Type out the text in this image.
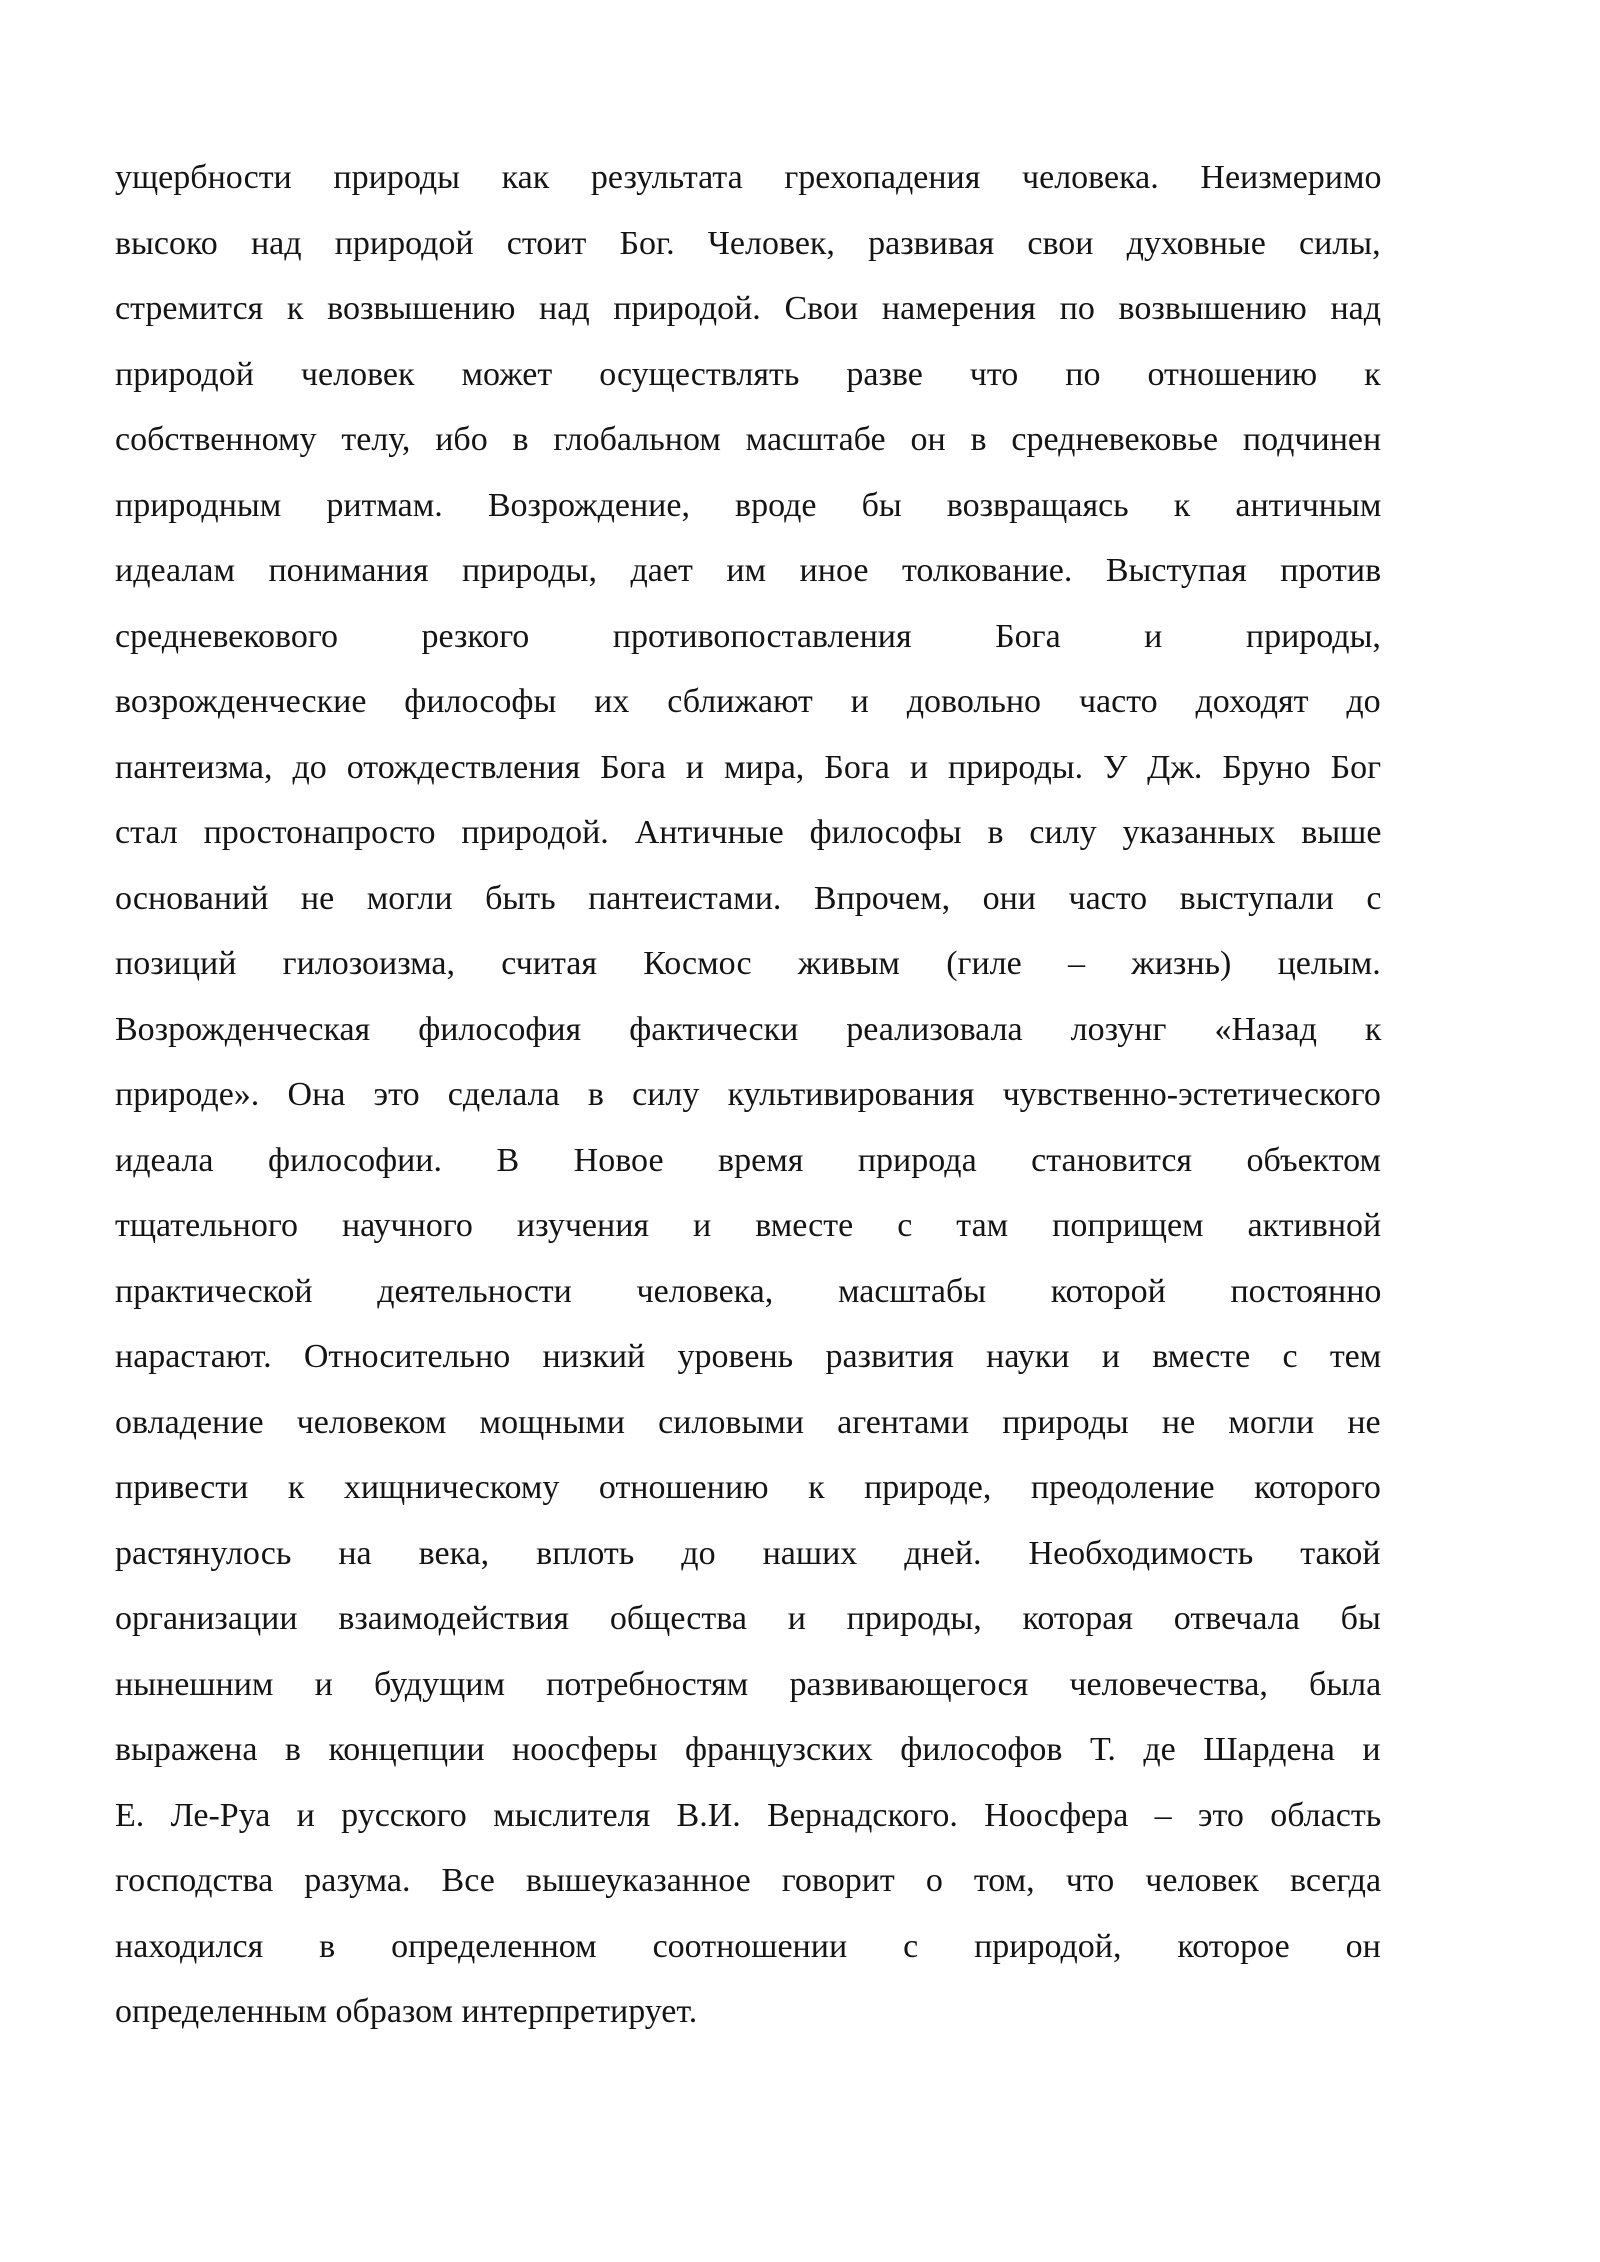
ущербности природы как результата грехопадения человека. Неизмеримо
высоко над природой стоит Бог. Человек, развивая свои духовные силы,
стремится к возвышению над природой. Свои намерения по возвышению над
природой человек может осуществлять разве что по отношению к
собственному телу, ибо в глобальном масштабе он в средневековье подчинен
природным ритмам. Возрождение, вроде бы возвращаясь к античным
идеалам понимания природы, дает им иное толкование. Выступая против
средневекового резкого противопоставления Бога и природы,
возрожденческие философы их сближают и довольно часто доходят до
пантеизма, до отождествления Бога и мира, Бога и природы. У Дж. Бруно Бог
стал простонапросто природой. Античные философы в силу указанных выше
оснований не могли быть пантеистами. Впрочем, они часто выступали с
позиций гилозоизма, считая Космос живым (гиле – жизнь) целым.
Возрожденческая философия фактически реализовала лозунг «Назад к
природе». Она это сделала в силу культивирования чувственно-эстетического
идеала философии. В Новое время природа становится объектом
тщательного научного изучения и вместе с там поприщем активной
практической деятельности человека, масштабы которой постоянно
нарастают. Относительно низкий уровень развития науки и вместе с тем
овладение человеком мощными силовыми агентами природы не могли не
привести к хищническому отношению к природе, преодоление которого
растянулось на века, вплоть до наших дней. Необходимость такой
организации взаимодействия общества и природы, которая отвечала бы
нынешним и будущим потребностям развивающегося человечества, была
выражена в концепции ноосферы французских философов Т. де Шардена и
Е. Ле-Руа и русского мыслителя В.И. Вернадского. Ноосфера – это область
господства разума. Все вышеуказанное говорит о том, что человек всегда
находился в определенном соотношении с природой, которое он
определенным образом интерпретирует.
